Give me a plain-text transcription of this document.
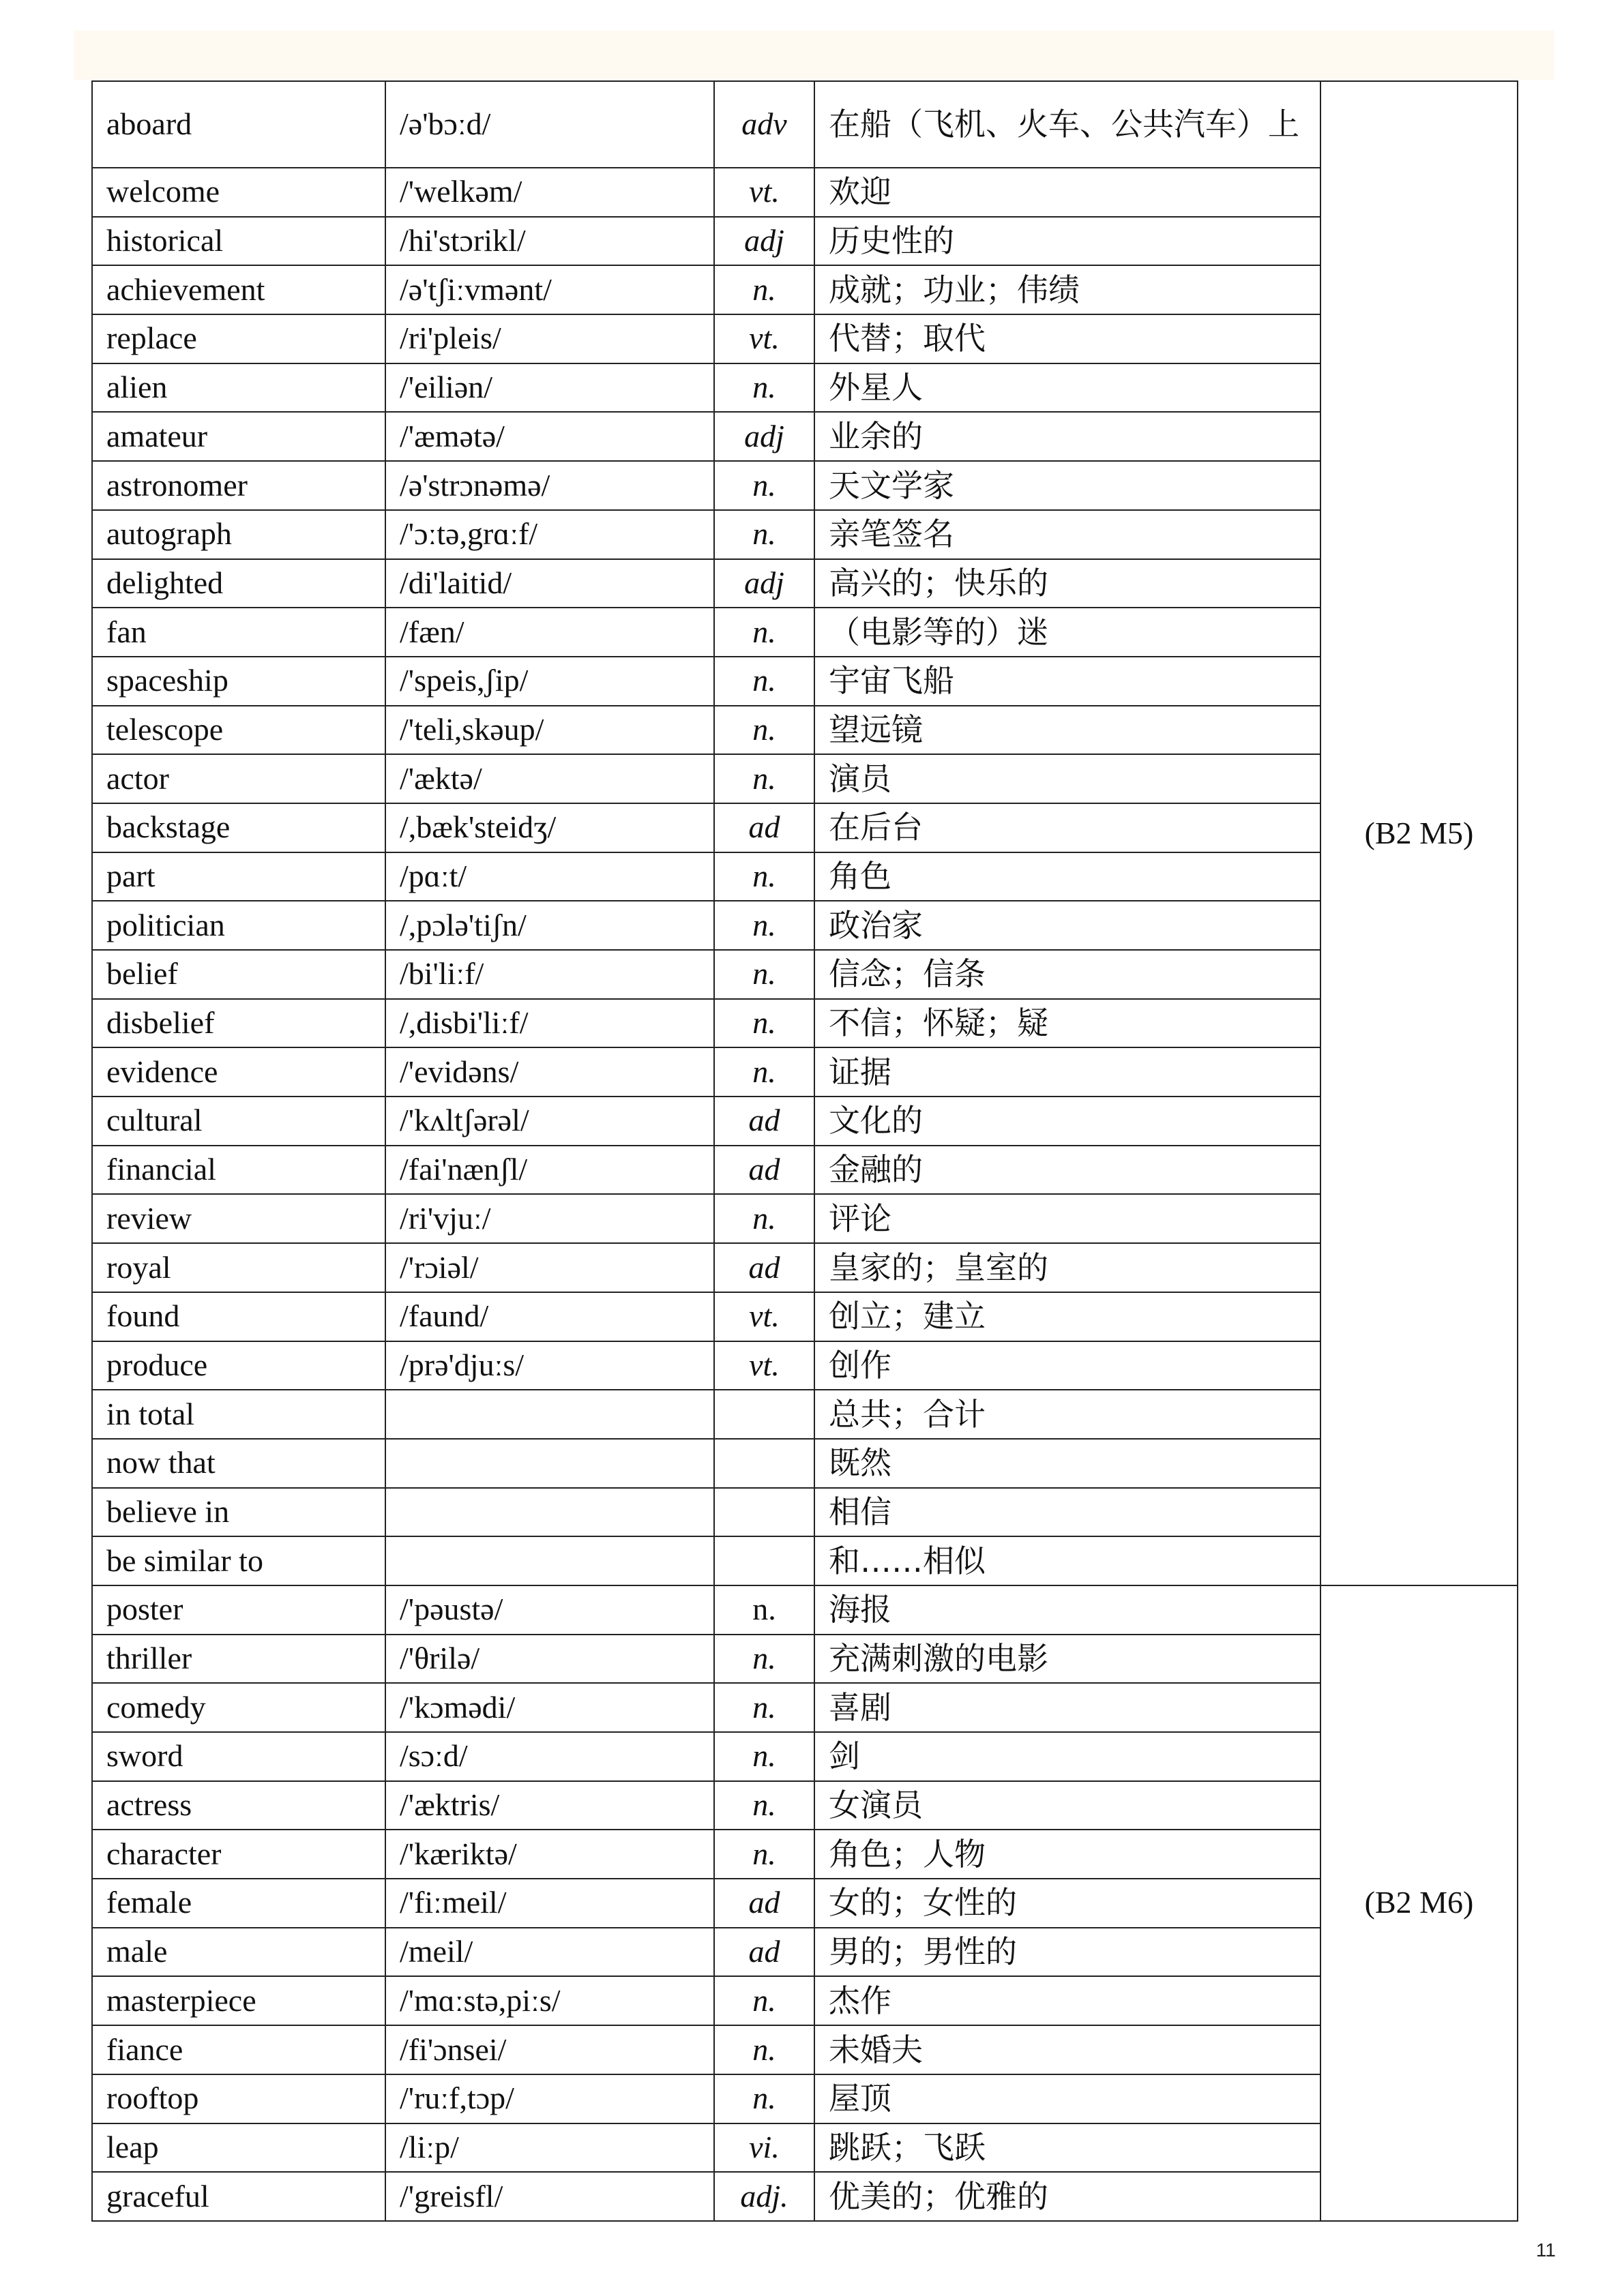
aboard	/ə'bɔːd/	adv	在船（飞机、火车、公共汽车）上	(B2 M5)
welcome	/'welkəm/	vt.	欢迎	
historical	/hi'stɔrikl/	adj	历史性的	
achievement	/ə'tʃiːvmənt/	n.	成就；功业；伟绩	
replace	/ri'pleis/	vt.	代替；取代	
alien	/'eiliən/	n.	外星人	
amateur	/'æmətə/	adj	业余的	
astronomer	/ə'strɔnəmə/	n.	天文学家	
autograph	/'ɔːtə,grɑːf/	n.	亲笔签名	
delighted	/di'laitid/	adj	高兴的；快乐的	
fan	/fæn/	n.	（电影等的）迷	
spaceship	/'speis,ʃip/	n.	宇宙飞船	
telescope	/'teli,skəup/	n.	望远镜	
actor	/'æktə/	n.	演员	
backstage	/,bæk'steidʒ/	ad	在后台	
part	/pɑːt/	n.	角色	
politician	/,pɔlə'tiʃn/	n.	政治家	
belief	/bi'liːf/	n.	信念；信条	
disbelief	/,disbi'liːf/	n.	不信；怀疑；疑	
evidence	/'evidəns/	n.	证据	
cultural	/'kʌltʃərəl/	ad	文化的	
financial	/fai'nænʃl/	ad	金融的	
review	/ri'vjuː/	n.	评论	
royal	/'rɔiəl/	ad	皇家的；皇室的	
found	/faund/	vt.	创立；建立	
produce	/prə'djuːs/	vt.	创作	
in total			总共；合计	
now that			既然	
believe in			相信	
be similar to			和……相似	
poster	/'pəustə/	n.	海报	(B2 M6)
thriller	/'θrilə/	n.	充满刺激的电影	
comedy	/'kɔmədi/	n.	喜剧	
sword	/sɔːd/	n.	剑	
actress	/'æktris/	n.	女演员	
character	/'kæriktə/	n.	角色；人物	
female	/'fiːmeil/	ad	女的；女性的	
male	/meil/	ad	男的；男性的	
masterpiece	/'mɑːstə,piːs/	n.	杰作	
fiance	/fi'ɔnsei/	n.	未婚夫	
rooftop	/'ruːf,tɔp/	n.	屋顶	
leap	/liːp/	vi.	跳跃；飞跃	
graceful	/'greisfl/	adj.	优美的；优雅的	
11
